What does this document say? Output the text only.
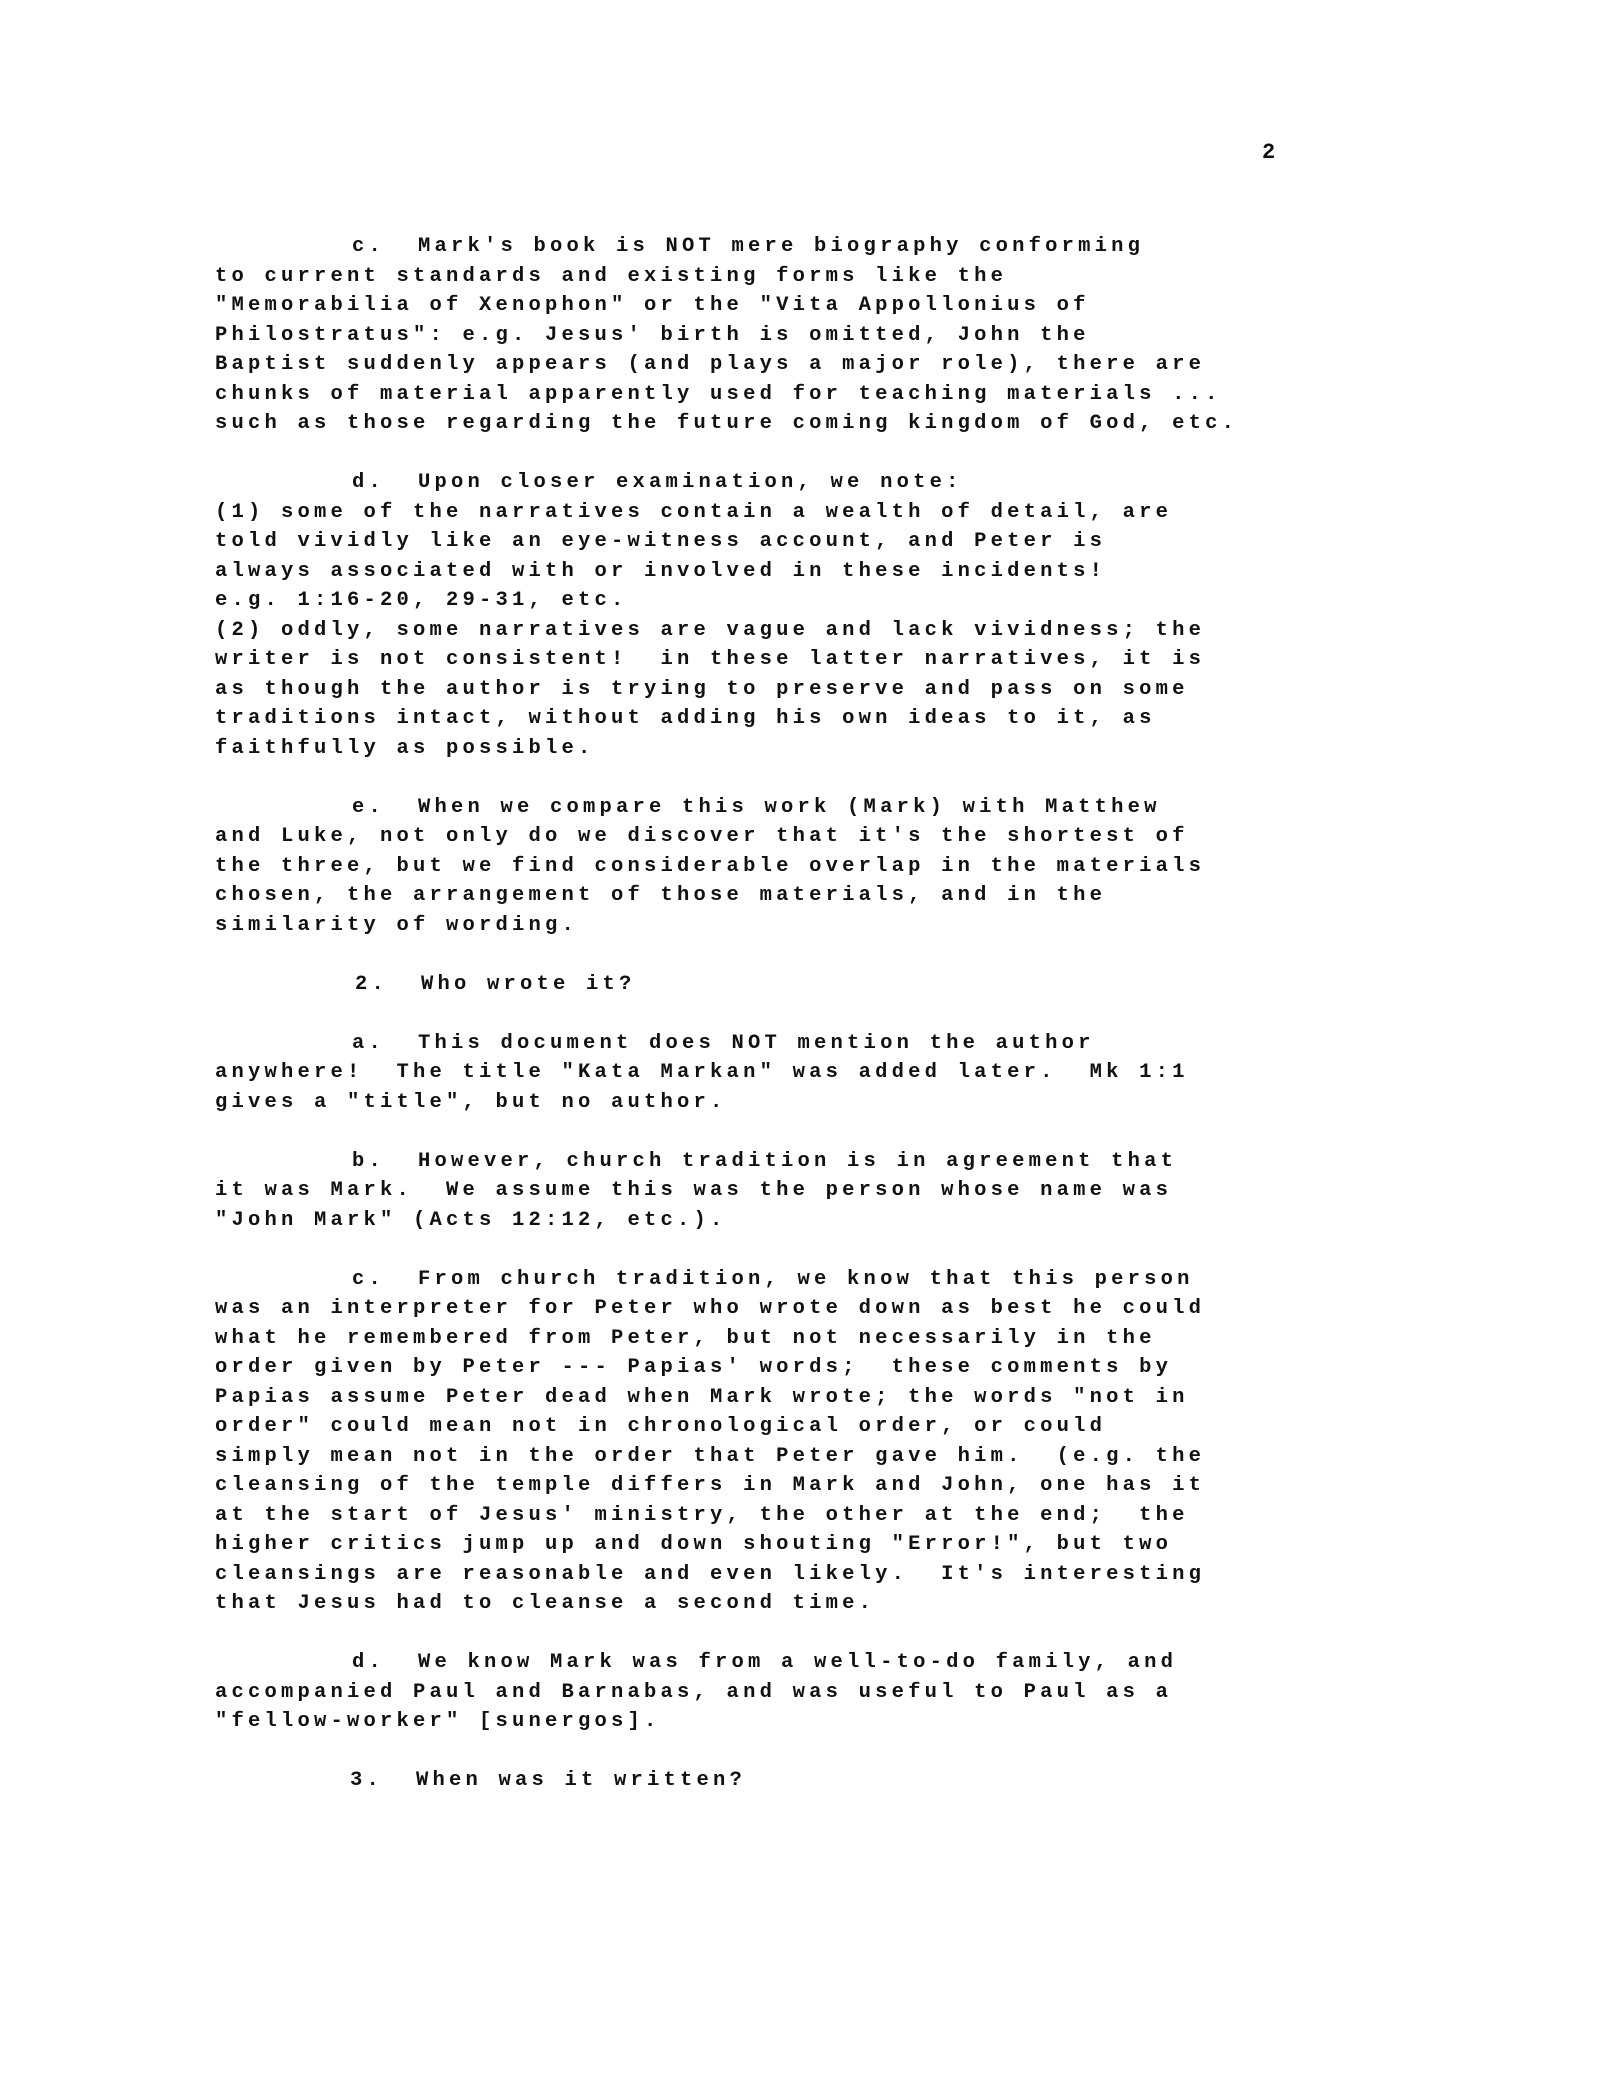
2
c.  Mark's book is NOT mere biography conforming
to current standards and existing forms like the
"Memorabilia of Xenophon" or the "Vita Appollonius of
Philostratus": e.g. Jesus' birth is omitted, John the
Baptist suddenly appears (and plays a major role), there are
chunks of material apparently used for teaching materials ...
such as those regarding the future coming kingdom of God, etc.
d.  Upon closer examination, we note:
(1) some of the narratives contain a wealth of detail, are
told vividly like an eye-witness account, and Peter is
always associated with or involved in these incidents!
e.g. 1:16-20, 29-31, etc.
(2) oddly, some narratives are vague and lack vividness; the
writer is not consistent!  in these latter narratives, it is
as though the author is trying to preserve and pass on some
traditions intact, without adding his own ideas to it, as
faithfully as possible.
e.  When we compare this work (Mark) with Matthew
and Luke, not only do we discover that it's the shortest of
the three, but we find considerable overlap in the materials
chosen, the arrangement of those materials, and in the
similarity of wording.
2.  Who wrote it?
a.  This document does NOT mention the author
anywhere!  The title "Kata Markan" was added later.  Mk 1:1
gives a "title", but no author.
b.  However, church tradition is in agreement that
it was Mark.  We assume this was the person whose name was
"John Mark" (Acts 12:12, etc.).
c.  From church tradition, we know that this person
was an interpreter for Peter who wrote down as best he could
what he remembered from Peter, but not necessarily in the
order given by Peter --- Papias' words;  these comments by
Papias assume Peter dead when Mark wrote; the words "not in
order" could mean not in chronological order, or could
simply mean not in the order that Peter gave him.  (e.g. the
cleansing of the temple differs in Mark and John, one has it
at the start of Jesus' ministry, the other at the end;  the
higher critics jump up and down shouting "Error!", but two
cleansings are reasonable and even likely.  It's interesting
that Jesus had to cleanse a second time.
d.  We know Mark was from a well-to-do family, and
accompanied Paul and Barnabas, and was useful to Paul as a
"fellow-worker" [sunergos].
3.  When was it written?
